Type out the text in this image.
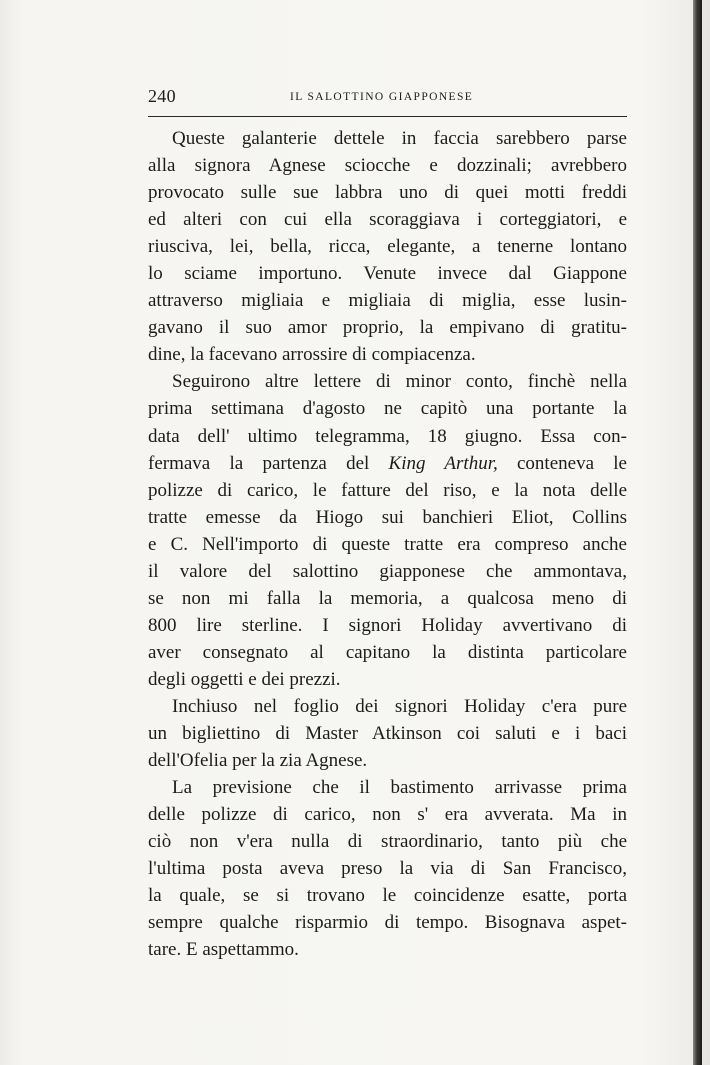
240	IL SALOTTINO GIAPPONESE
Queste galanterie dettele in faccia sarebbero parse
alla signora Agnese sciocche e dozzinali; avrebbero
provocato sulle sue labbra uno di quei motti freddi
ed alteri con cui ella scoraggiava i corteggiatori, e
riusciva, lei, bella, ricca, elegante, a tenerne lontano
lo sciame importuno. Venute invece dal Giappone
attraverso migliaia e migliaia di miglia, esse lusin-
gavano il suo amor proprio, la empivano di gratitu-
dine, la facevano arrossire di compiacenza.
Seguirono altre lettere di minor conto, finchè nella
prima settimana d'agosto ne capitò una portante la
data dell' ultimo telegramma, 18 giugno. Essa con-
fermava la partenza del King Arthur, conteneva le
polizze di carico, le fatture del riso, e la nota delle
tratte emesse da Hiogo sui banchieri Eliot, Collins
e C. Nell'importo di queste tratte era compreso anche
il valore del salottino giapponese che ammontava,
se non mi falla la memoria, a qualcosa meno di
800 lire sterline. I signori Holiday avvertivano di
aver consegnato al capitano la distinta particolare
degli oggetti e dei prezzi.
Inchiuso nel foglio dei signori Holiday c'era pure
un bigliettino di Master Atkinson coi saluti e i baci
dell'Ofelia per la zia Agnese.
La previsione che il bastimento arrivasse prima
delle polizze di carico, non s' era avverata. Ma in
ciò non v'era nulla di straordinario, tanto più che
l'ultima posta aveva preso la via di San Francisco,
la quale, se si trovano le coincidenze esatte, porta
sempre qualche risparmio di tempo. Bisognava aspet-
tare. E aspettammo.
